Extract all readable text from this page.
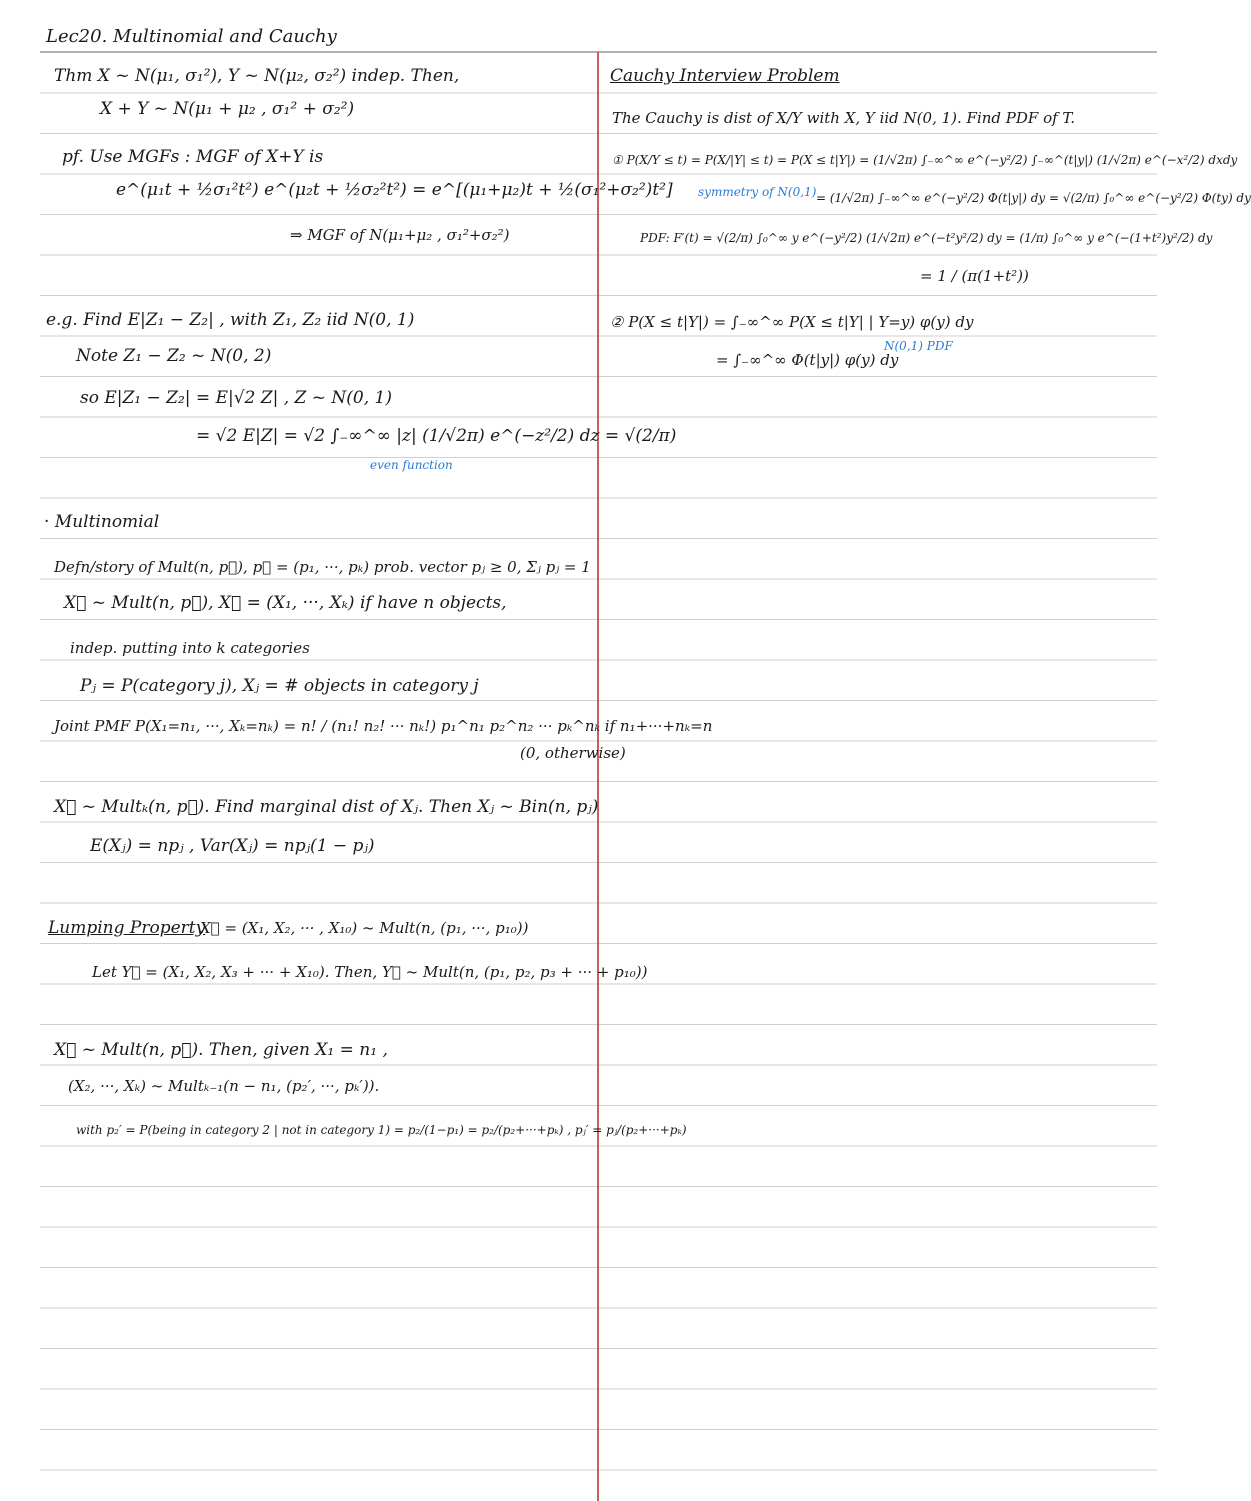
Lec20. Multinomial and Cauchy
Thm X ~ N(μ₁, σ₁²), Y ~ N(μ₂, σ₂²) indep. Then,
X + Y ~ N(μ₁ + μ₂ , σ₁² + σ₂²)
pf. Use MGFs : MGF of X+Y is
e^(μ₁t + ½σ₁²t²) e^(μ₂t + ½σ₂²t²) = e^[(μ₁+μ₂)t + ½(σ₁²+σ₂²)t²]
⇒ MGF of N(μ₁+μ₂ , σ₁²+σ₂²)
e.g. Find E|Z₁ − Z₂| , with Z₁, Z₂ iid N(0, 1)
Note Z₁ − Z₂ ~ N(0, 2)
so E|Z₁ − Z₂| = E|√2 Z| , Z ~ N(0, 1)
= √2 E|Z| = √2 ∫₋∞^∞ |z| (1/√2π) e^(−z²/2) dz = √(2/π)
even function
· Multinomial
Defn/story of Mult(n, p⃗), p⃗ = (p₁, ···, pₖ) prob. vector pⱼ ≥ 0, Σⱼ pⱼ = 1
X⃗ ~ Mult(n, p⃗), X⃗ = (X₁, ···, Xₖ) if have n objects,
indep. putting into k categories
Pⱼ = P(category j), Xⱼ = # objects in category j
Joint PMF P(X₁=n₁, ···, Xₖ=nₖ) = n! / (n₁! n₂! ··· nₖ!) p₁^n₁ p₂^n₂ ··· pₖ^nₖ if n₁+···+nₖ=n
(0, otherwise)
X⃗ ~ Multₖ(n, p⃗). Find marginal dist of Xⱼ. Then Xⱼ ~ Bin(n, pⱼ)
E(Xⱼ) = npⱼ , Var(Xⱼ) = npⱼ(1 − pⱼ)
Lumping Property
X⃗ = (X₁, X₂, ··· , X₁₀) ~ Mult(n, (p₁, ···, p₁₀))
Let Y⃗ = (X₁, X₂, X₃ + ··· + X₁₀). Then, Y⃗ ~ Mult(n, (p₁, p₂, p₃ + ··· + p₁₀))
X⃗ ~ Mult(n, p⃗). Then, given X₁ = n₁ ,
(X₂, ···, Xₖ) ~ Multₖ₋₁(n − n₁, (p₂′, ···, pₖ′)).
with p₂′ = P(being in category 2 | not in category 1) = p₂/(1−p₁) = p₂/(p₂+···+pₖ) , pⱼ′ = pⱼ/(p₂+···+pₖ)
Cauchy Interview Problem
The Cauchy is dist of X/Y with X, Y iid N(0, 1). Find PDF of T.
① P(X/Y ≤ t) = P(X/|Y| ≤ t) = P(X ≤ t|Y|) = (1/√2π) ∫₋∞^∞ e^(−y²/2) ∫₋∞^(t|y|) (1/√2π) e^(−x²/2) dxdy
symmetry of N(0,1) = (1/√2π) ∫₋∞^∞ e^(−y²/2) Φ(t|y|) dy = √(2/π) ∫₀^∞ e^(−y²/2) Φ(ty) dy
PDF: F′(t) = √(2/π) ∫₀^∞ y e^(−y²/2) (1/√2π) e^(−t²y²/2) dy = (1/π) ∫₀^∞ y e^(−(1+t²)y²/2) dy
= 1 / (π(1+t²))
② P(X ≤ t|Y|) = ∫₋∞^∞ P(X ≤ t|Y| | Y=y) φ(y) dy
N(0,1) PDF
= ∫₋∞^∞ Φ(t|y|) φ(y) dy
